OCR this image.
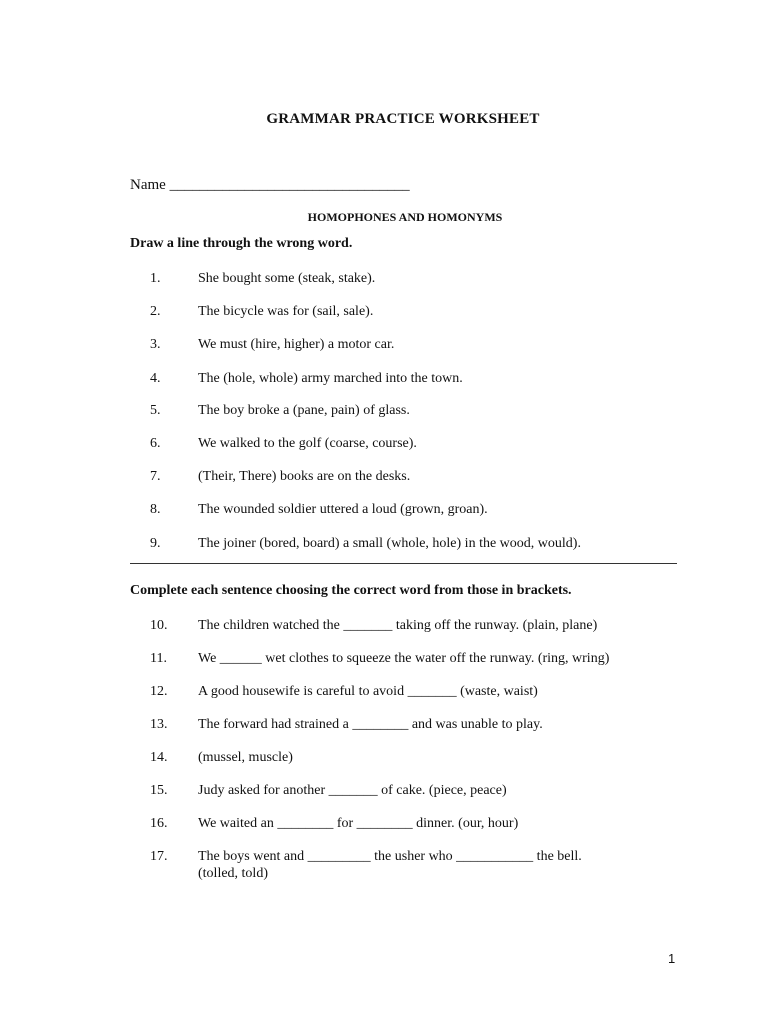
GRAMMAR PRACTICE WORKSHEET
Name ________________________________
HOMOPHONES AND HOMONYMS
Draw a line through the wrong word.
1.	She bought some (steak, stake).
2.	The bicycle was for (sail, sale).
3.	We must (hire, higher) a motor car.
4.	The (hole, whole) army marched into the town.
5.	The boy broke a (pane, pain) of glass.
6.	We walked to the golf (coarse, course).
7.	(Their, There) books are on the desks.
8.	The wounded soldier uttered a loud (grown, groan).
9.	The joiner (bored, board) a small (whole, hole) in the wood, would).
Complete each sentence choosing the correct word from those in brackets.
10. The children watched the _______ taking off the runway. (plain, plane)
11. We ______ wet clothes to squeeze the water off the runway. (ring, wring)
12. A good housewife is careful to avoid _______ (waste, waist)
13. The forward had strained a ________ and was unable to play.
14. (mussel, muscle)
15. Judy asked for another _______ of cake. (piece, peace)
16. We waited an ________ for ________ dinner. (our, hour)
17. The boys went and _________ the usher who ___________ the bell.
(tolled, told)
1
